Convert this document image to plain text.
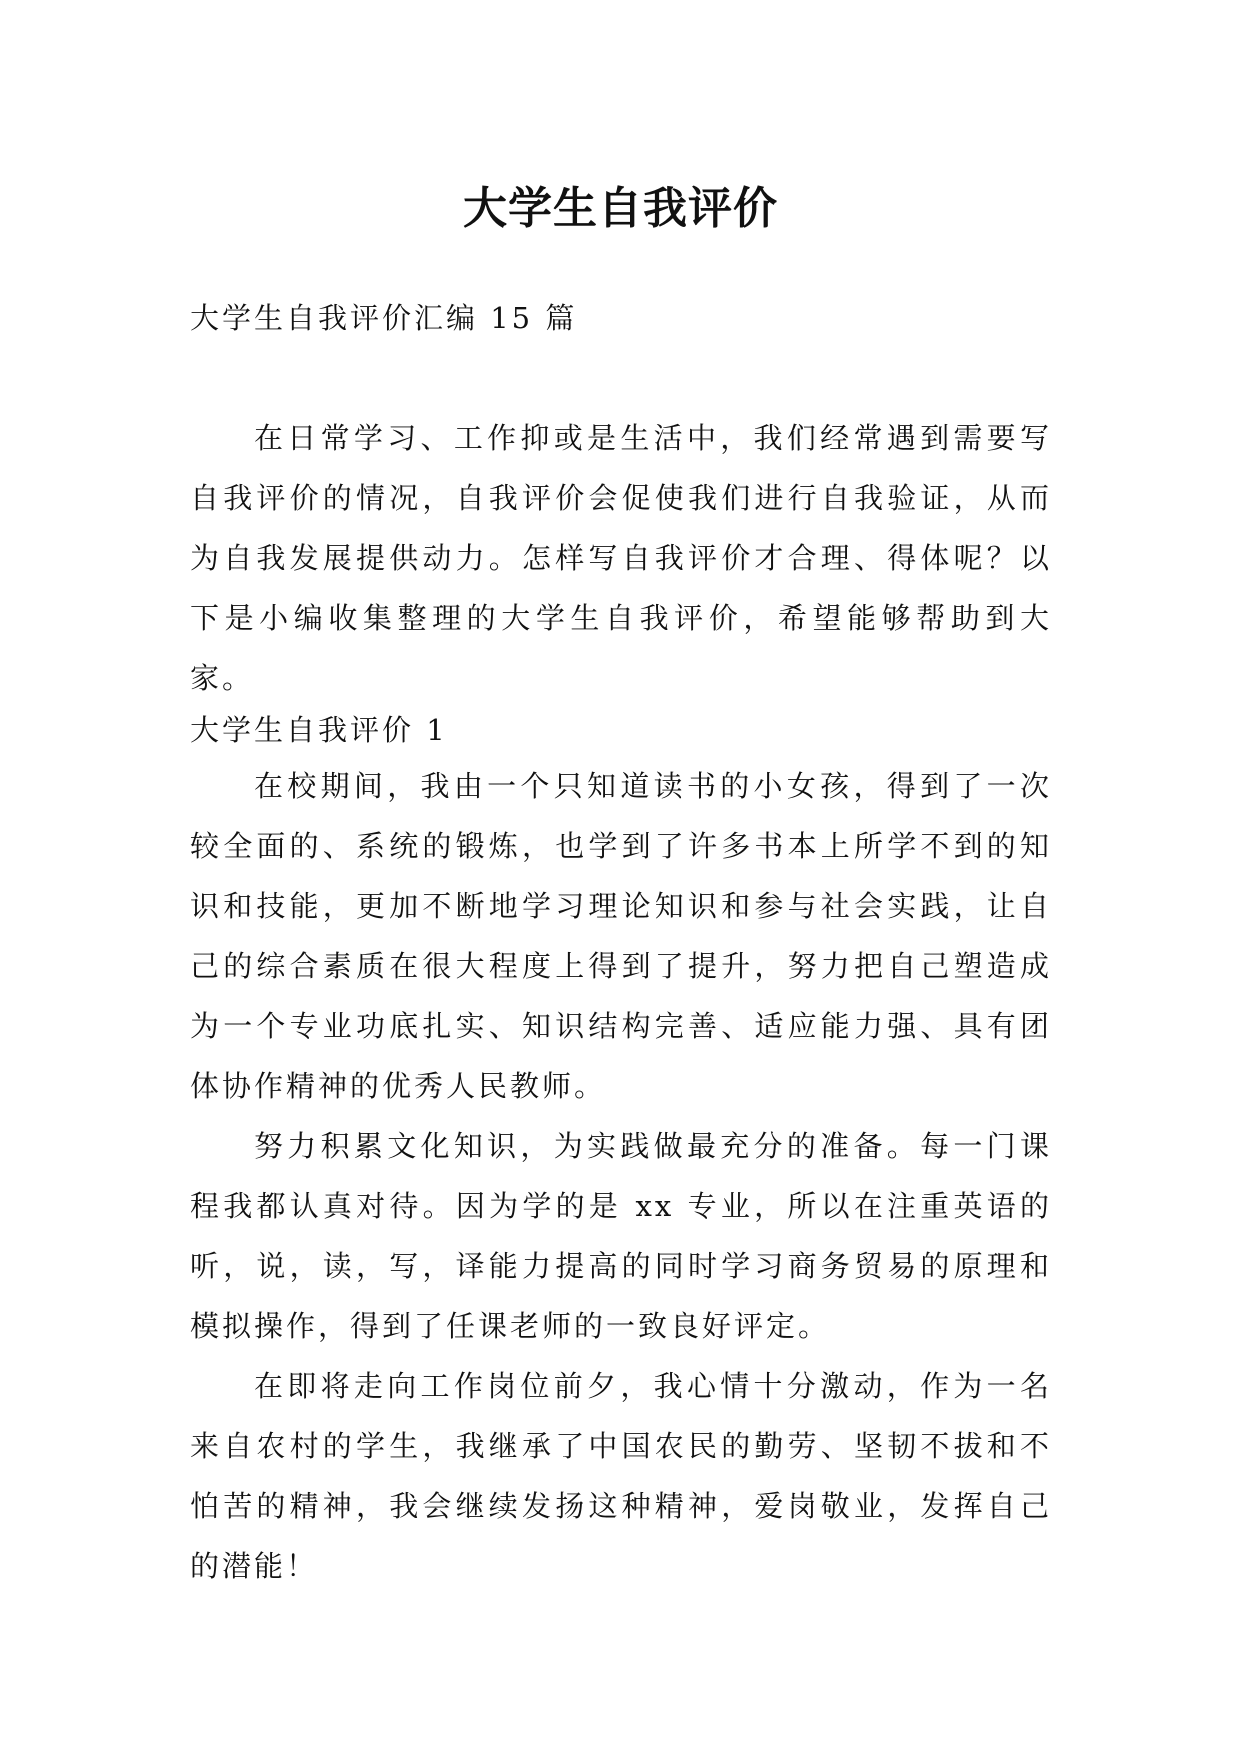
大学生自我评价
大学生自我评价汇编 15 篇
在日常学习、工作抑或是生活中，我们经常遇到需要写自我评价的情况，自我评价会促使我们进行自我验证，从而为自我发展提供动力。怎样写自我评价才合理、得体呢？以下是小编收集整理的大学生自我评价，希望能够帮助到大家。
大学生自我评价 1

在校期间，我由一个只知道读书的小女孩，得到了一次较全面的、系统的锻炼，也学到了许多书本上所学不到的知识和技能，更加不断地学习理论知识和参与社会实践，让自己的综合素质在很大程度上得到了提升，努力把自己塑造成为一个专业功底扎实、知识结构完善、适应能力强、具有团体协作精神的优秀人民教师。

努力积累文化知识，为实践做最充分的准备。每一门课程我都认真对待。因为学的是 xx 专业，所以在注重英语的听，说，读，写，译能力提高的同时学习商务贸易的原理和模拟操作，得到了任课老师的一致良好评定。

在即将走向工作岗位前夕，我心情十分激动，作为一名来自农村的学生，我继承了中国农民的勤劳、坚韧不拔和不怕苦的精神，我会继续发扬这种精神，爱岗敬业，发挥自己的潜能！
